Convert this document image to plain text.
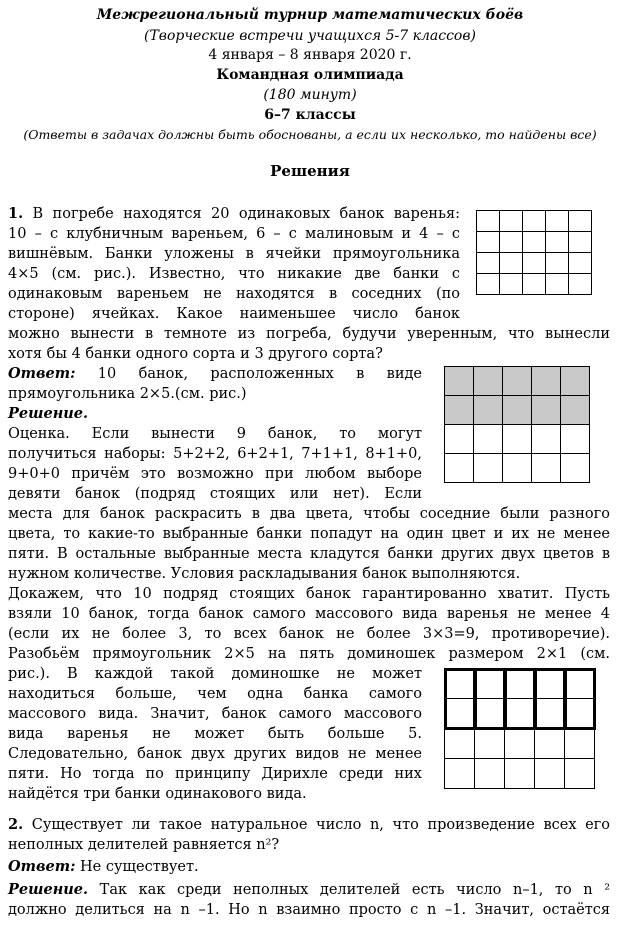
Межрегиональный турнир математических боёв
(Творческие встречи учащихся 5-7 классов)
4 января – 8 января 2020 г.
Командная олимпиада
(180 минут)
6–7 классы
(Ответы в задачах должны быть обоснованы, а если их несколько, то найдены все)
Решения
1. В погребе находятся 20 одинаковых банок варенья:
10 – с клубничным вареньем, 6 – с малиновым и 4 – с
вишнёвым. Банки уложены в ячейки прямоугольника
4×5 (см. рис.). Известно, что никакие две банки с
одинаковым вареньем не находятся в соседних (по
стороне) ячейках. Какое наименьшее число банок
можно вынести в темноте из погреба, будучи уверенным, что вынесли
хотя бы 4 банки одного сорта и 3 другого сорта?

Ответ: 10 банок, расположенных в виде
прямоугольника 2×5.(см. рис.)

Решение.
Оценка. Если вынести 9 банок, то могут
получиться наборы: 5+2+2, 6+2+1, 7+1+1, 8+1+0,
9+0+0 причём это возможно при любом выборе
девяти банок (подряд стоящих или нет). Если
места для банок раскрасить в два цвета, чтобы соседние были разного
цвета, то какие-то выбранные банки попадут на один цвет и их не менее
пяти. В остальные выбранные места кладутся банки других двух цветов в
нужном количестве. Условия раскладывания банок выполняются.
Докажем, что 10 подряд стоящих банок гарантированно хватит. Пусть
взяли 10 банок, тогда банок самого массового вида варенья не менее 4
(если их не более 3, то всех банок не более 3×3=9, противоречие).
Разобьём прямоугольник 2×5 на пять доминошек размером 2×1 (см.
рис.). В каждой такой доминошке не может
находиться больше, чем одна банка самого
массового вида. Значит, банок самого массового
вида варенья не может быть больше 5.
Следовательно, банок двух других видов не менее
пяти. Но тогда по принципу Дирихле среди них
найдётся три банки одинакового вида.

2. Существует ли такое натуральное число n, что произведение всех его
неполных делителей равняется n²?
Ответ: Не существует.
Решение. Так как среди неполных делителей есть число n–1, то n ²
должно делиться на n –1. Но n взаимно просто с n –1. Значит, остаётся
